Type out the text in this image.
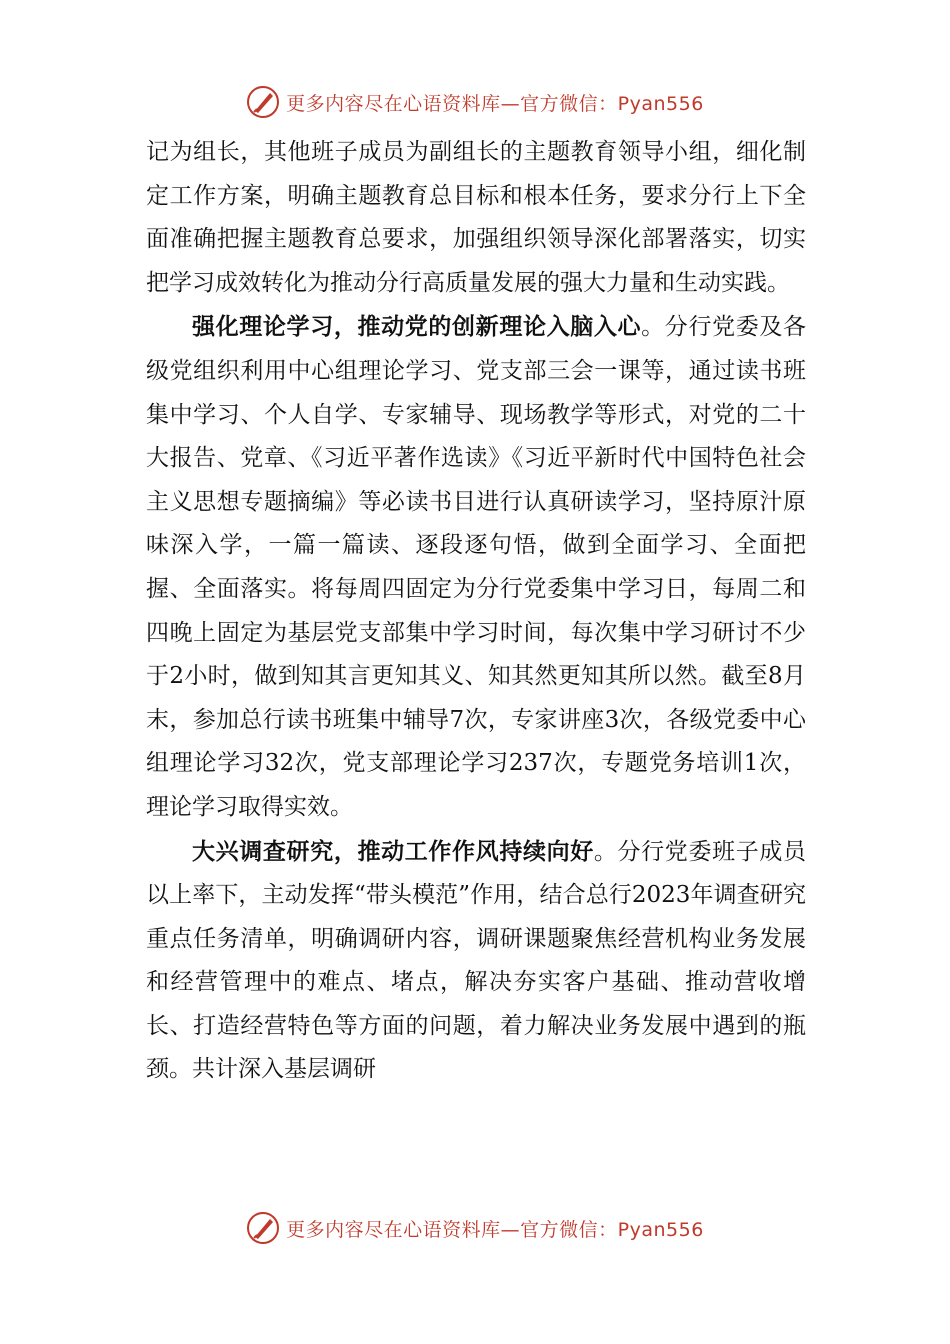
更多内容尽在心语资料库—官方微信：Pyan556

记为组长，其他班子成员为副组长的主题教育领导小组，细化制定工作方案，明确主题教育总目标和根本任务，要求分行上下全面准确把握主题教育总要求，加强组织领导深化部署落实，切实把学习成效转化为推动分行高质量发展的强大力量和生动实践。

强化理论学习，推动党的创新理论入脑入心。分行党委及各级党组织利用中心组理论学习、党支部三会一课等，通过读书班集中学习、个人自学、专家辅导、现场教学等形式，对党的二十大报告、党章、《习近平著作选读》《习近平新时代中国特色社会主义思想专题摘编》等必读书目进行认真研读学习，坚持原汁原味深入学，一篇一篇读、逐段逐句悟，做到全面学习、全面把握、全面落实。将每周四固定为分行党委集中学习日，每周二和四晚上固定为基层党支部集中学习时间，每次集中学习研讨不少于2小时，做到知其言更知其义、知其然更知其所以然。截至8月末，参加总行读书班集中辅导7次，专家讲座3次，各级党委中心组理论学习32次，党支部理论学习237次，专题党务培训1次，理论学习取得实效。

大兴调查研究，推动工作作风持续向好。分行党委班子成员以上率下，主动发挥“带头模范”作用，结合总行2023年调查研究重点任务清单，明确调研内容，调研课题聚焦经营机构业务发展和经营管理中的难点、堵点，解决夯实客户基础、推动营收增长、打造经营特色等方面的问题，着力解决业务发展中遇到的瓶颈。共计深入基层调研

更多内容尽在心语资料库—官方微信：Pyan556
